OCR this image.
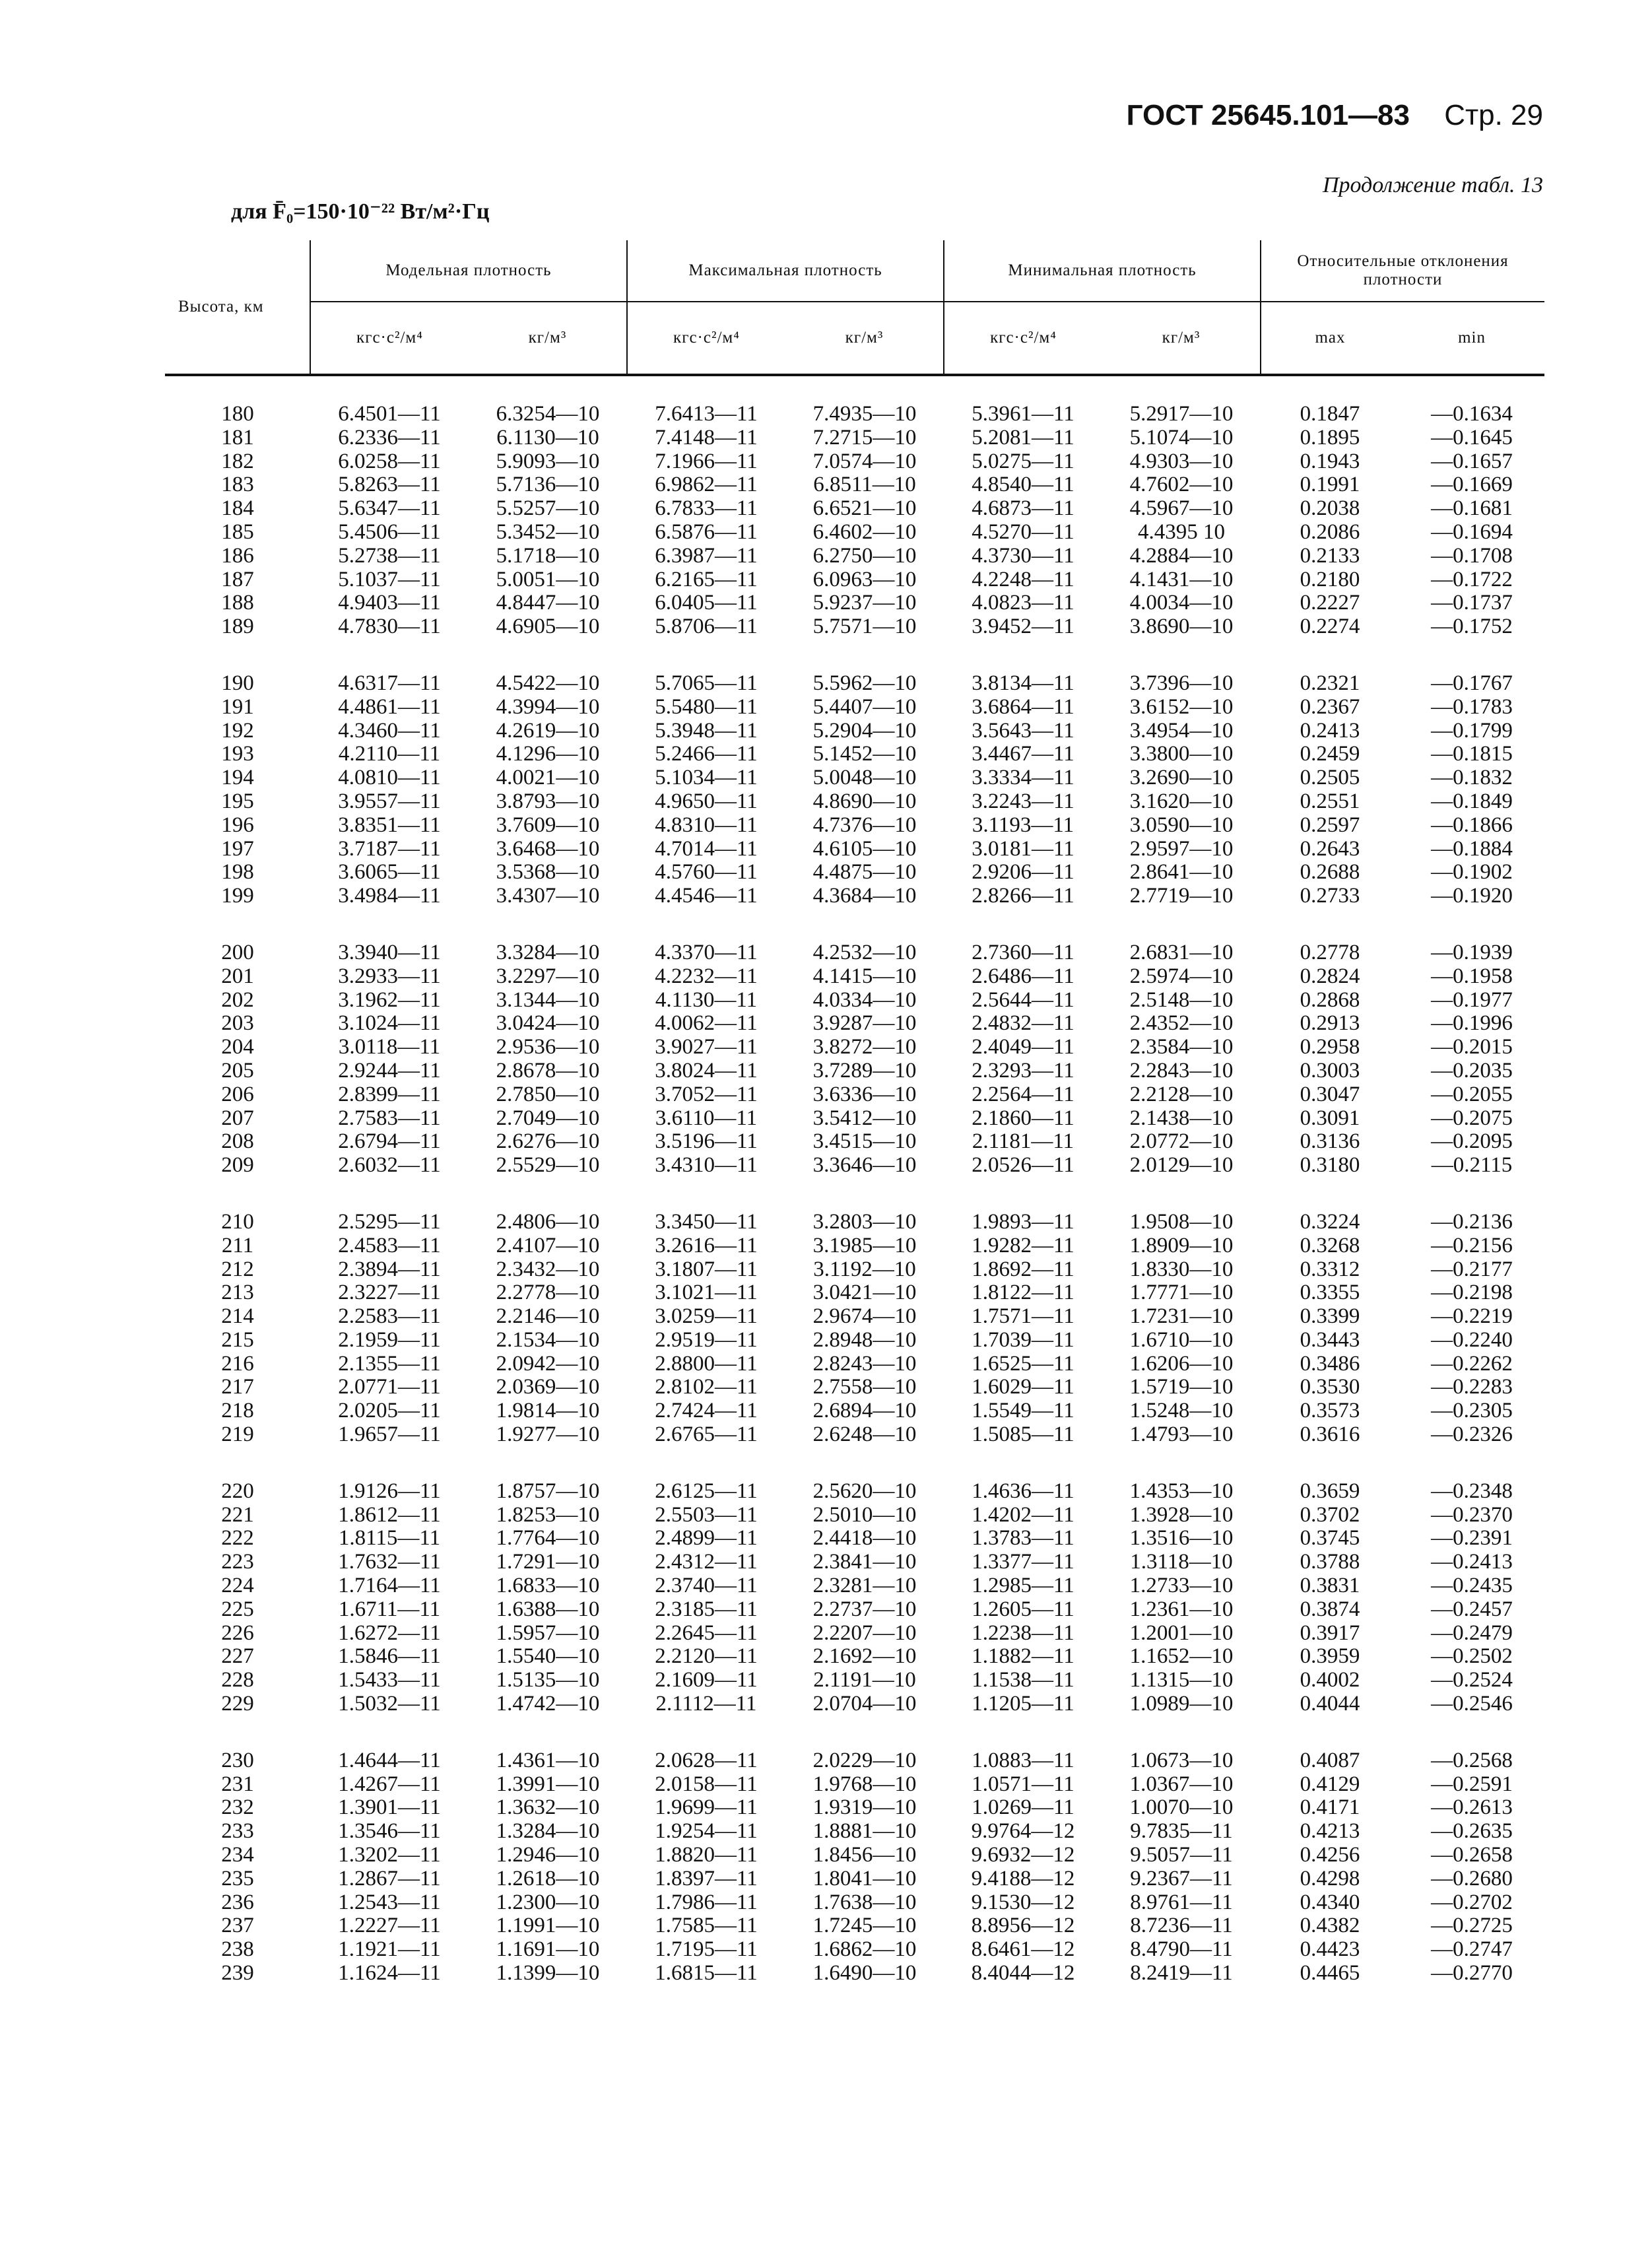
ГОСТ 25645.101—83 Стр. 29
Продолжение табл. 13
для F̄₀=150·10⁻²² Вт/м²·Гц
Высота, км	Модельная плотность		Максимальная плотность		Минимальная плотность		Относительные отклонения плотности	
	кгс·с²/м⁴	кг/м³	кгс·с²/м⁴	кг/м³	кгс·с²/м⁴	кг/м³	max	min
180	6.4501—11	6.3254—10	7.6413—11	7.4935—10	5.3961—11	5.2917—10	0.1847	—0.1634
181	6.2336—11	6.1130—10	7.4148—11	7.2715—10	5.2081—11	5.1074—10	0.1895	—0.1645
182	6.0258—11	5.9093—10	7.1966—11	7.0574—10	5.0275—11	4.9303—10	0.1943	—0.1657
183	5.8263—11	5.7136—10	6.9862—11	6.8511—10	4.8540—11	4.7602—10	0.1991	—0.1669
184	5.6347—11	5.5257—10	6.7833—11	6.6521—10	4.6873—11	4.5967—10	0.2038	—0.1681
185	5.4506—11	5.3452—10	6.5876—11	6.4602—10	4.5270—11	4.4395 10	0.2086	—0.1694
186	5.2738—11	5.1718—10	6.3987—11	6.2750—10	4.3730—11	4.2884—10	0.2133	—0.1708
187	5.1037—11	5.0051—10	6.2165—11	6.0963—10	4.2248—11	4.1431—10	0.2180	—0.1722
188	4.9403—11	4.8447—10	6.0405—11	5.9237—10	4.0823—11	4.0034—10	0.2227	—0.1737
189	4.7830—11	4.6905—10	5.8706—11	5.7571—10	3.9452—11	3.8690—10	0.2274	—0.1752
190	4.6317—11	4.5422—10	5.7065—11	5.5962—10	3.8134—11	3.7396—10	0.2321	—0.1767
191	4.4861—11	4.3994—10	5.5480—11	5.4407—10	3.6864—11	3.6152—10	0.2367	—0.1783
192	4.3460—11	4.2619—10	5.3948—11	5.2904—10	3.5643—11	3.4954—10	0.2413	—0.1799
193	4.2110—11	4.1296—10	5.2466—11	5.1452—10	3.4467—11	3.3800—10	0.2459	—0.1815
194	4.0810—11	4.0021—10	5.1034—11	5.0048—10	3.3334—11	3.2690—10	0.2505	—0.1832
195	3.9557—11	3.8793—10	4.9650—11	4.8690—10	3.2243—11	3.1620—10	0.2551	—0.1849
196	3.8351—11	3.7609—10	4.8310—11	4.7376—10	3.1193—11	3.0590—10	0.2597	—0.1866
197	3.7187—11	3.6468—10	4.7014—11	4.6105—10	3.0181—11	2.9597—10	0.2643	—0.1884
198	3.6065—11	3.5368—10	4.5760—11	4.4875—10	2.9206—11	2.8641—10	0.2688	—0.1902
199	3.4984—11	3.4307—10	4.4546—11	4.3684—10	2.8266—11	2.7719—10	0.2733	—0.1920
200	3.3940—11	3.3284—10	4.3370—11	4.2532—10	2.7360—11	2.6831—10	0.2778	—0.1939
201	3.2933—11	3.2297—10	4.2232—11	4.1415—10	2.6486—11	2.5974—10	0.2824	—0.1958
202	3.1962—11	3.1344—10	4.1130—11	4.0334—10	2.5644—11	2.5148—10	0.2868	—0.1977
203	3.1024—11	3.0424—10	4.0062—11	3.9287—10	2.4832—11	2.4352—10	0.2913	—0.1996
204	3.0118—11	2.9536—10	3.9027—11	3.8272—10	2.4049—11	2.3584—10	0.2958	—0.2015
205	2.9244—11	2.8678—10	3.8024—11	3.7289—10	2.3293—11	2.2843—10	0.3003	—0.2035
206	2.8399—11	2.7850—10	3.7052—11	3.6336—10	2.2564—11	2.2128—10	0.3047	—0.2055
207	2.7583—11	2.7049—10	3.6110—11	3.5412—10	2.1860—11	2.1438—10	0.3091	—0.2075
208	2.6794—11	2.6276—10	3.5196—11	3.4515—10	2.1181—11	2.0772—10	0.3136	—0.2095
209	2.6032—11	2.5529—10	3.4310—11	3.3646—10	2.0526—11	2.0129—10	0.3180	—0.2115
210	2.5295—11	2.4806—10	3.3450—11	3.2803—10	1.9893—11	1.9508—10	0.3224	—0.2136
211	2.4583—11	2.4107—10	3.2616—11	3.1985—10	1.9282—11	1.8909—10	0.3268	—0.2156
212	2.3894—11	2.3432—10	3.1807—11	3.1192—10	1.8692—11	1.8330—10	0.3312	—0.2177
213	2.3227—11	2.2778—10	3.1021—11	3.0421—10	1.8122—11	1.7771—10	0.3355	—0.2198
214	2.2583—11	2.2146—10	3.0259—11	2.9674—10	1.7571—11	1.7231—10	0.3399	—0.2219
215	2.1959—11	2.1534—10	2.9519—11	2.8948—10	1.7039—11	1.6710—10	0.3443	—0.2240
216	2.1355—11	2.0942—10	2.8800—11	2.8243—10	1.6525—11	1.6206—10	0.3486	—0.2262
217	2.0771—11	2.0369—10	2.8102—11	2.7558—10	1.6029—11	1.5719—10	0.3530	—0.2283
218	2.0205—11	1.9814—10	2.7424—11	2.6894—10	1.5549—11	1.5248—10	0.3573	—0.2305
219	1.9657—11	1.9277—10	2.6765—11	2.6248—10	1.5085—11	1.4793—10	0.3616	—0.2326
220	1.9126—11	1.8757—10	2.6125—11	2.5620—10	1.4636—11	1.4353—10	0.3659	—0.2348
221	1.8612—11	1.8253—10	2.5503—11	2.5010—10	1.4202—11	1.3928—10	0.3702	—0.2370
222	1.8115—11	1.7764—10	2.4899—11	2.4418—10	1.3783—11	1.3516—10	0.3745	—0.2391
223	1.7632—11	1.7291—10	2.4312—11	2.3841—10	1.3377—11	1.3118—10	0.3788	—0.2413
224	1.7164—11	1.6833—10	2.3740—11	2.3281—10	1.2985—11	1.2733—10	0.3831	—0.2435
225	1.6711—11	1.6388—10	2.3185—11	2.2737—10	1.2605—11	1.2361—10	0.3874	—0.2457
226	1.6272—11	1.5957—10	2.2645—11	2.2207—10	1.2238—11	1.2001—10	0.3917	—0.2479
227	1.5846—11	1.5540—10	2.2120—11	2.1692—10	1.1882—11	1.1652—10	0.3959	—0.2502
228	1.5433—11	1.5135—10	2.1609—11	2.1191—10	1.1538—11	1.1315—10	0.4002	—0.2524
229	1.5032—11	1.4742—10	2.1112—11	2.0704—10	1.1205—11	1.0989—10	0.4044	—0.2546
230	1.4644—11	1.4361—10	2.0628—11	2.0229—10	1.0883—11	1.0673—10	0.4087	—0.2568
231	1.4267—11	1.3991—10	2.0158—11	1.9768—10	1.0571—11	1.0367—10	0.4129	—0.2591
232	1.3901—11	1.3632—10	1.9699—11	1.9319—10	1.0269—11	1.0070—10	0.4171	—0.2613
233	1.3546—11	1.3284—10	1.9254—11	1.8881—10	9.9764—12	9.7835—11	0.4213	—0.2635
234	1.3202—11	1.2946—10	1.8820—11	1.8456—10	9.6932—12	9.5057—11	0.4256	—0.2658
235	1.2867—11	1.2618—10	1.8397—11	1.8041—10	9.4188—12	9.2367—11	0.4298	—0.2680
236	1.2543—11	1.2300—10	1.7986—11	1.7638—10	9.1530—12	8.9761—11	0.4340	—0.2702
237	1.2227—11	1.1991—10	1.7585—11	1.7245—10	8.8956—12	8.7236—11	0.4382	—0.2725
238	1.1921—11	1.1691—10	1.7195—11	1.6862—10	8.6461—12	8.4790—11	0.4423	—0.2747
239	1.1624—11	1.1399—10	1.6815—11	1.6490—10	8.4044—12	8.2419—11	0.4465	—0.2770
